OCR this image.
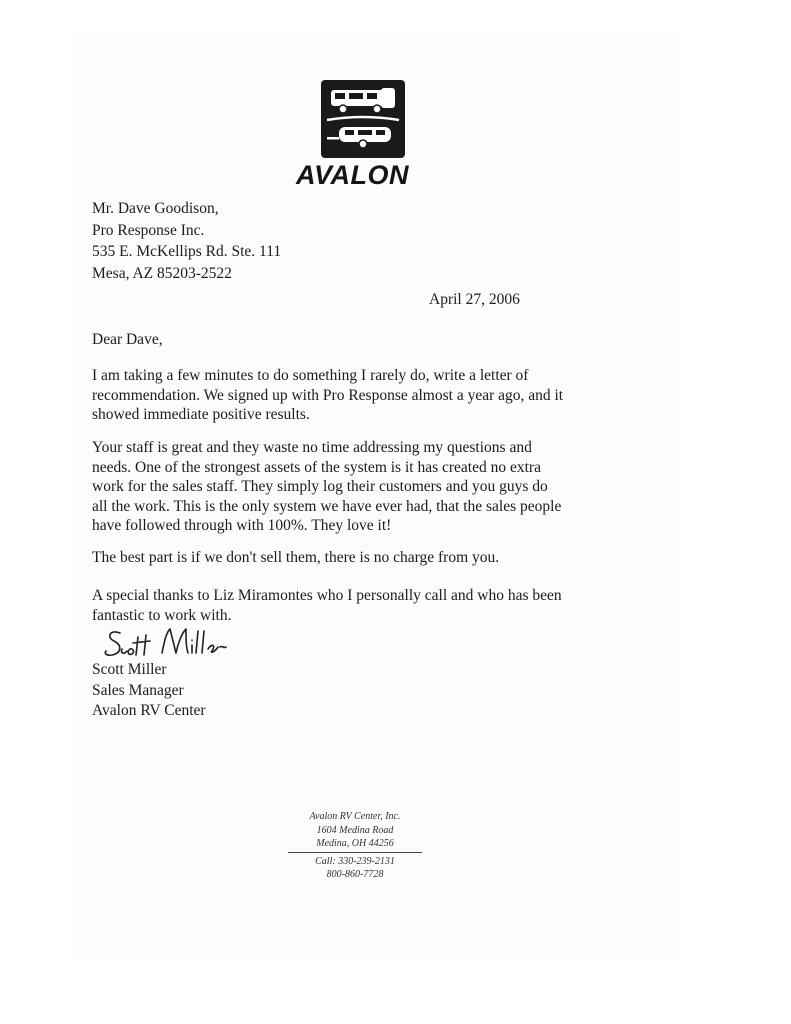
AVALON
Mr. Dave Goodison,
Pro Response Inc.
535 E. McKellips Rd. Ste. 111
Mesa, AZ 85203-2522
April 27, 2006
Dear Dave,
I am taking a few minutes to do something I rarely do, write a letter of
recommendation. We signed up with Pro Response almost a year ago, and it
showed immediate positive results.
Your staff is great and they waste no time addressing my questions and
needs. One of the strongest assets of the system is it has created no extra
work for the sales staff. They simply log their customers and you guys do
all the work. This is the only system we have ever had, that the sales people
have followed through with 100%. They love it!
The best part is if we don't sell them, there is no charge from you.
A special thanks to Liz Miramontes who I personally call and who has been
fantastic to work with.
Scott Miller
Sales Manager
Avalon RV Center
Avalon RV Center, Inc.
1604 Medina Road
Medina, OH 44256
Call: 330-239-2131
800-860-7728
